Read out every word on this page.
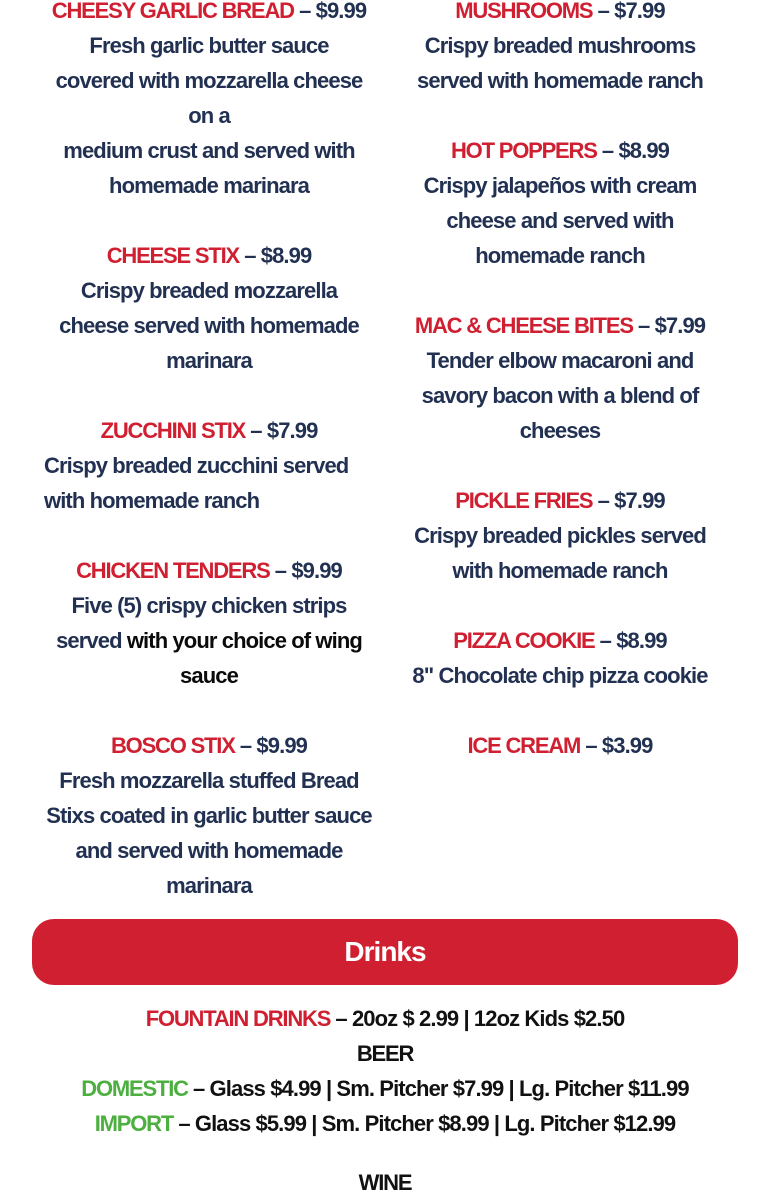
CHEESY GARLIC BREAD – $9.99
Fresh garlic butter sauce
covered with mozzarella cheese
on a
medium crust and served with
homemade marinara
CHEESE STIX – $8.99
Crispy breaded mozzarella
cheese served with homemade
marinara
ZUCCHINI STIX – $7.99
Crispy breaded zucchini served
with homemade ranch
CHICKEN TENDERS – $9.99
Five (5) crispy chicken strips
served with your choice of wing
sauce
BOSCO STIX – $9.99
Fresh mozzarella stuffed Bread
Stixs coated in garlic butter sauce
and served with homemade
marinara
MUSHROOMS – $7.99
Crispy breaded mushrooms
served with homemade ranch
HOT POPPERS – $8.99
Crispy jalapeños with cream
cheese and served with
homemade ranch
MAC & CHEESE BITES – $7.99
Tender elbow macaroni and
savory bacon with a blend of
cheeses
PICKLE FRIES – $7.99
Crispy breaded pickles served
with homemade ranch
PIZZA COOKIE – $8.99
8" Chocolate chip pizza cookie
ICE CREAM – $3.99
Drinks
FOUNTAIN DRINKS – 20oz $ 2.99 | 12oz Kids $2.50
BEER
DOMESTIC – Glass $4.99 | Sm. Pitcher $7.99 | Lg. Pitcher $11.99
IMPORT – Glass $5.99 | Sm. Pitcher $8.99 | Lg. Pitcher $12.99
WINE
